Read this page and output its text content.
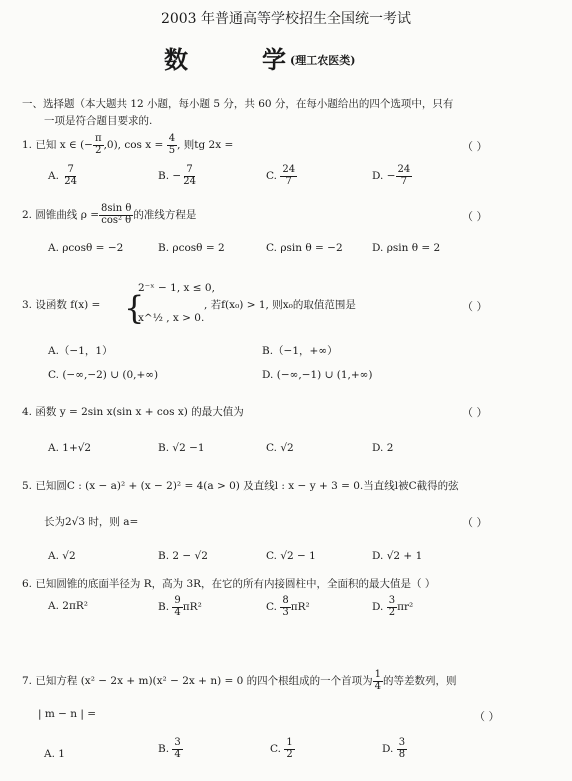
2003 年普通高等学校招生全国统一考试
数	学 (理工农医类)
一、选择题（本大题共 12 小题，每小题 5 分，共 60 分，在每小题给出的四个选项中，只有
一项是符合题目要求的.
1. 已知 x ∈ (− $\frac{\pi}{2} ,0$), $\cos x = \frac{4}{5}$ , 则tg 2x =	（ ）
A. $\frac{7}{24}$	B. − $\frac{7}{24}$	C. $\frac{24}{7}$	D. − $\frac{24}{7}$
2. 圆锥曲线 $\rho = \frac{\text{8sin θ}}{\text{cos² θ}}$ 的准线方程是	（ ）
A. ρcosθ = −2	B. ρcosθ = 2	C. ρsin θ = −2	D. ρsin θ = 2
3. 设函数 f(x) = {
2⁻ˣ − 1, x ≤ 0,
x^½ , x > 0.
, 若f(x₀) > 1, 则x₀的取值范围是	（ ）
A.（−1，1）	B.（−1，+∞）
C. (−∞,−2) ∪ (0,+∞)	D. (−∞,−1) ∪ (1,+∞)
4. 函数 y = 2sin x(sin x + cos x) 的最大值为	（ ）
A. 1+√2	B. √2 −1	C. √2	D. 2
5. 已知圆C : (x − a)² + (x − 2)² = 4(a > 0) 及直线l : x − y + 3 = 0.当直线l被C截得的弦
长为2√3 时，则 a=	（ ）
A. √2	B. 2 − √2	C. √2 − 1	D. √2 + 1
6. 已知圆锥的底面半径为 R，高为 3R，在它的所有内接圆柱中，全面积的最大值是（ ）
A. 2πR²	B. $\frac{9}{4} \pi R^2$	C. $\frac{8}{3} \pi R^2$	D. $\frac{3}{2} \pi r^2$
7. 已知方程 (x² − 2x + m)(x² − 2x + n) = 0 的四个根组成的一个首项为 $\frac{1}{4}$ 的等差数列，则
| m − n | =	（ ）
A. 1	B. $\frac{3}{4}$	C. $\frac{1}{2}$	D. $\frac{3}{8}$
